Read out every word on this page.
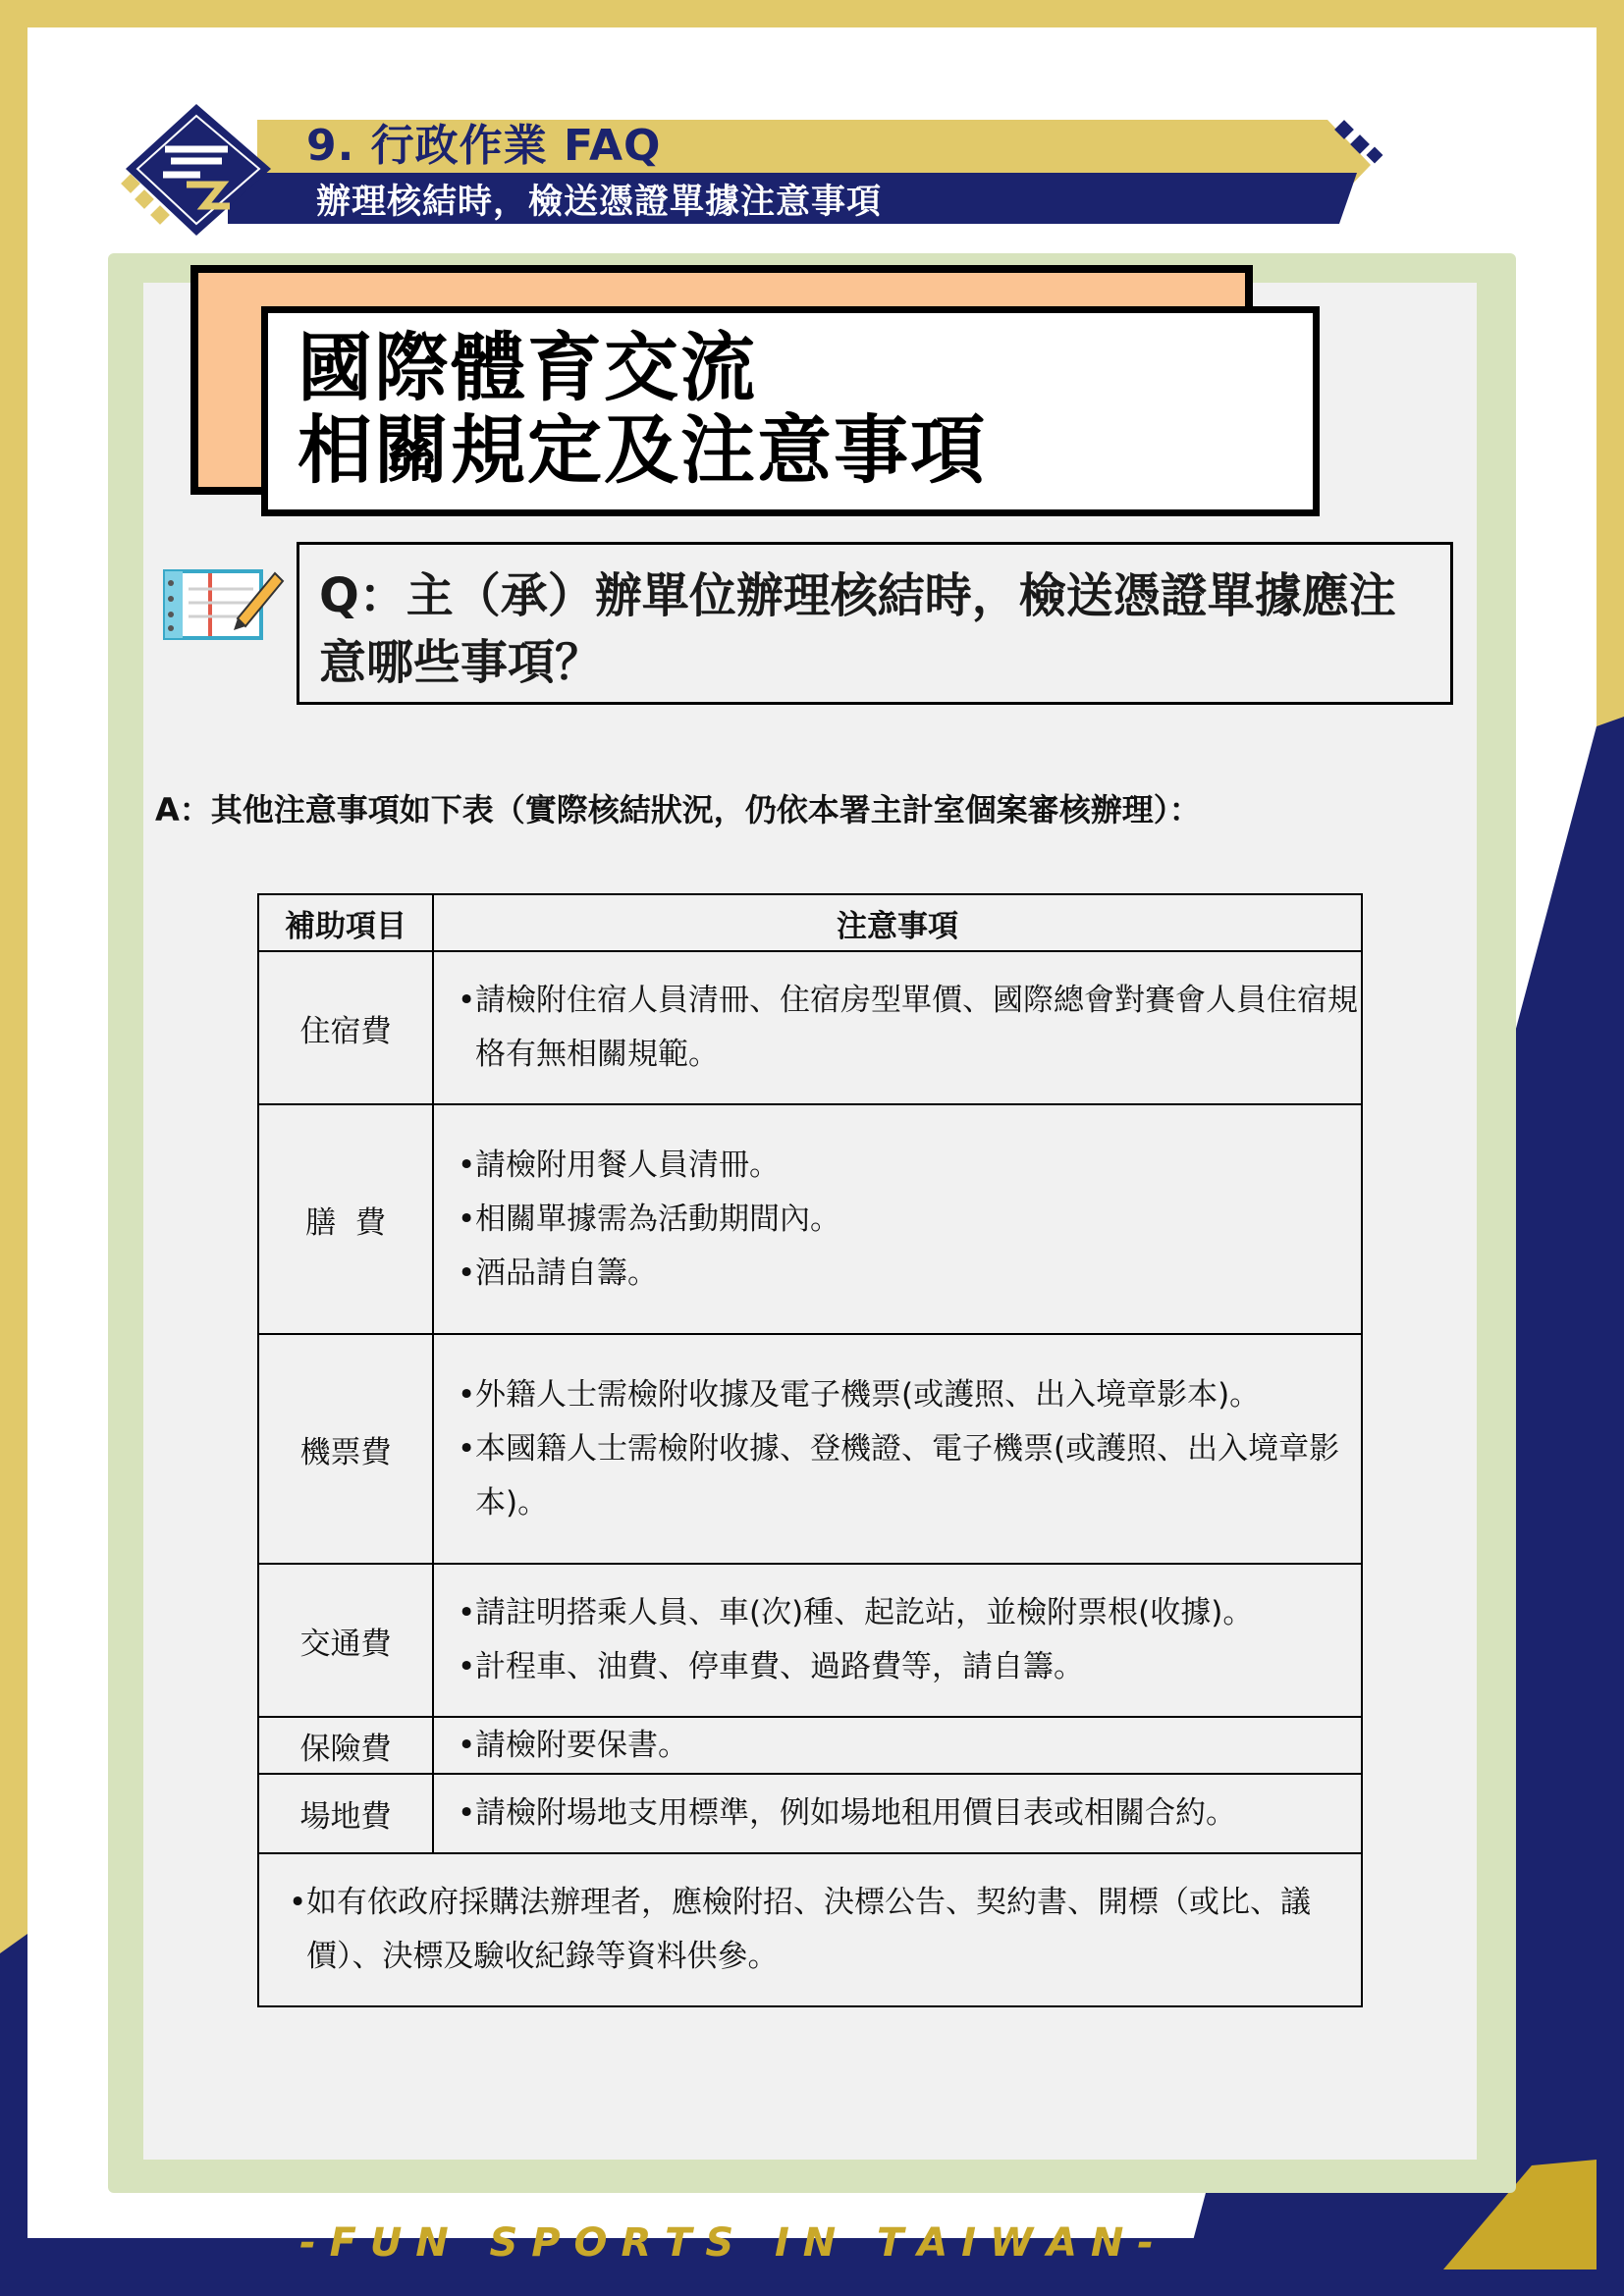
9. 行政作業 FAQ
辦理核結時，檢送憑證單據注意事項
國際體育交流
相關規定及注意事項
Q：主（承）辦單位辦理核結時，檢送憑證單據應注意哪些事項？
A：其他注意事項如下表（實際核結狀況，仍依本署主計室個案審核辦理）：
補助項目	注意事項
住宿費	• 請檢附住宿人員清冊、住宿房型單價、國際總會對賽會人員住宿規格有無相關規範。

膳  費	• 請檢附用餐人員清冊。
• 相關單據需為活動期間內。
• 酒品請自籌。

機票費	• 外籍人士需檢附收據及電子機票(或護照、出入境章影本)。
• 本國籍人士需檢附收據、登機證、電子機票(或護照、出入境章影本)。

交通費	• 請註明搭乘人員、車(次)種、起訖站，並檢附票根(收據)。
• 計程車、油費、停車費、過路費等，請自籌。

保險費	• 請檢附要保書。

場地費	• 請檢附場地支用標準，例如場地租用價目表或相關合約。

• 如有依政府採購法辦理者，應檢附招、決標公告、契約書、開標（或比、議價）、決標及驗收紀錄等資料供參。
- F U N   S P O R T S   I N   T A I W A N -
